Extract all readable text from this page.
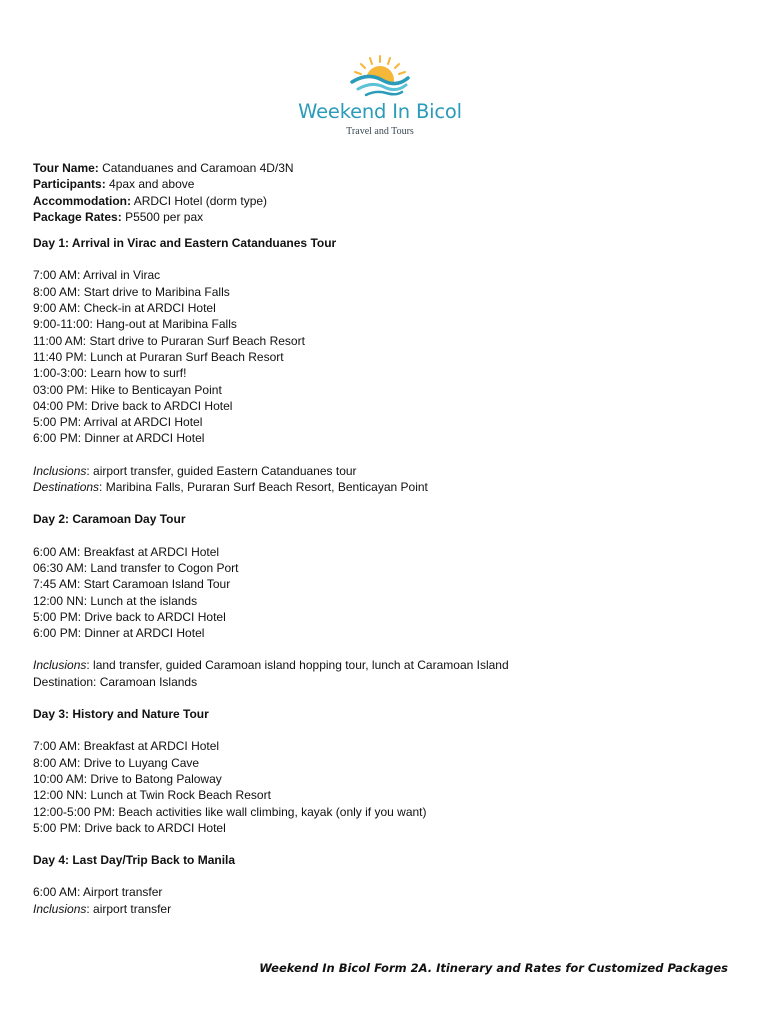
Weekend In Bicol
Travel and Tours

Tour Name: Catanduanes and Caramoan 4D/3N

Participants: 4pax and above

Accommodation: ARDCI Hotel (dorm type)

Package Rates: P5500 per pax

Day 1: Arrival in Virac and Eastern Catanduanes Tour

7:00 AM: Arrival in Virac

8:00 AM: Start drive to Maribina Falls

9:00 AM: Check-in at ARDCI Hotel

9:00-11:00: Hang-out at Maribina Falls

11:00 AM: Start drive to Puraran Surf Beach Resort

11:40 PM: Lunch at Puraran Surf Beach Resort

1:00-3:00: Learn how to surf!

03:00 PM: Hike to Benticayan Point

04:00 PM: Drive back to ARDCI Hotel

5:00 PM: Arrival at ARDCI Hotel

6:00 PM: Dinner at ARDCI Hotel

Inclusions: airport transfer, guided Eastern Catanduanes tour

Destinations: Maribina Falls, Puraran Surf Beach Resort, Benticayan Point

Day 2: Caramoan Day Tour

6:00 AM: Breakfast at ARDCI Hotel

06:30 AM: Land transfer to Cogon Port

7:45 AM: Start Caramoan Island Tour

12:00 NN: Lunch at the islands

5:00 PM: Drive back to ARDCI Hotel

6:00 PM: Dinner at ARDCI Hotel

Inclusions: land transfer, guided Caramoan island hopping tour, lunch at Caramoan Island

Destination: Caramoan Islands

Day 3: History and Nature Tour

7:00 AM: Breakfast at ARDCI Hotel

8:00 AM: Drive to Luyang Cave

10:00 AM: Drive to Batong Paloway

12:00 NN: Lunch at Twin Rock Beach Resort

12:00-5:00 PM: Beach activities like wall climbing, kayak (only if you want)

5:00 PM: Drive back to ARDCI Hotel

Day 4: Last Day/Trip Back to Manila

6:00 AM: Airport transfer

Inclusions: airport transfer

Weekend In Bicol Form 2A. Itinerary and Rates for Customized Packages
